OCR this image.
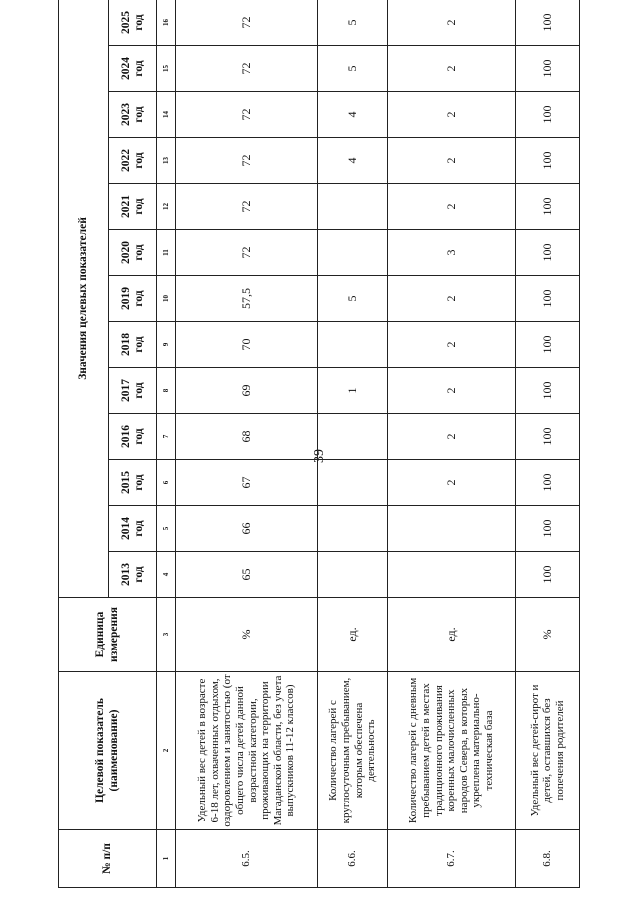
39
№ п/п	Целевой показатель (наименование)	Единица измерения	Значения целевых показателей												
			2013 год	2014 год	2015 год	2016 год	2017 год	2018 год	2019 год	2020 год	2021 год	2022 год	2023 год	2024 год	2025 год
1	2	3	4	5	6	7	8	9	10	11	12	13	14	15	16
6.5.	Удельный вес детей в возрасте 6-18 лет, охваченных отдыхом, оздоровлением и занятостью (от общего числа детей данной возрастной категории, проживающих на территории Магаданской области, без учета выпускников 11-12 классов)	%	65	66	67	68	69	70	57,5	72	72	72	72	72	72
6.6.	Количество лагерей с круглосуточным пребыванием, которым обеспечена деятельность	ед.					1		5			4	4	5	5
6.7.	Количество лагерей с дневным пребыванием детей в местах традиционного проживания коренных малочисленных народов Севера, в которых укреплена материально-техническая база	ед.			2	2	2	2	2	3	2	2	2	2	2
6.8.	Удельный вес детей-сирот и детей, оставшихся без попечения родителей	%	100	100	100	100	100	100	100	100	100	100	100	100	100
